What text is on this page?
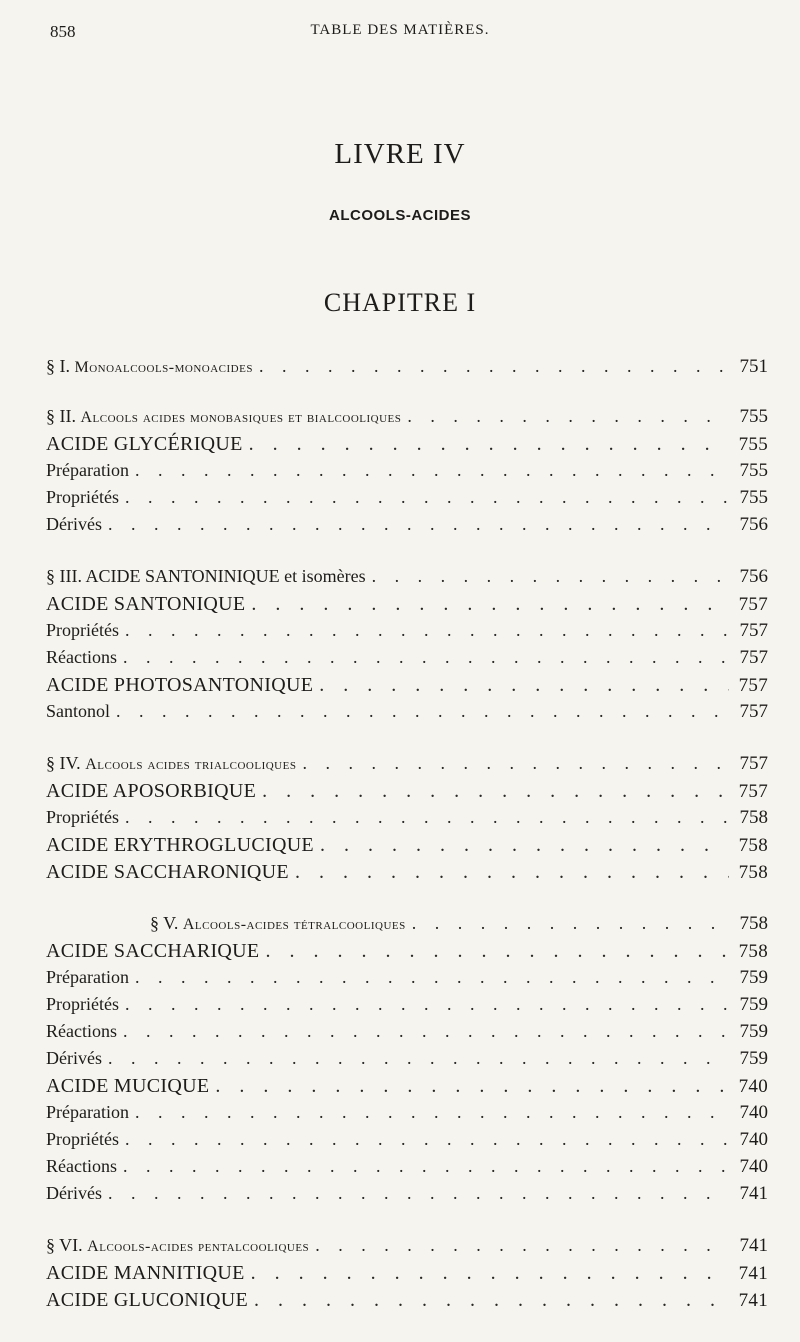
858	TABLE DES MATIÈRES.
LIVRE IV
ALCOOLS-ACIDES
CHAPITRE I
§ I. Monoalcools-monoacides . . .	751
§ II. Alcools acides monobasiques et bialcooliques . . .	755
ACIDE GLYCÉRIQUE . . .	755
Préparation . . .	755
Propriétés . . .	755
Dérivés . . .	756
§ III. ACIDE SANTONINIQUE et isomères . . .	756
ACIDE SANTONIQUE . . .	757
Propriétés . . .	757
Réactions . . .	757
ACIDE PHOTOSANTONIQUE . . .	757
Santonol . . .	757
§ IV. Alcools acides trialcooliques . . .	757
ACIDE APOSORBIQUE . . .	757
Propriétés . . .	758
ACIDE ERYTHROGLUCIQUE . . .	758
ACIDE SACCHARONIQUE . . .	758
§ V. Alcools-acides tétralcooliques . . .	758
ACIDE SACCHARIQUE . . .	758
Préparation . . .	759
Propriétés . . .	759
Réactions . . .	759
Dérivés . . .	759
ACIDE MUCIQUE . . .	740
Préparation . . .	740
Propriétés . . .	740
Réactions . . .	740
Dérivés . . .	741
§ VI. Alcools-acides pentalcooliques . . .	741
ACIDE MANNITIQUE . . .	741
ACIDE GLUCONIQUE . . .	741
